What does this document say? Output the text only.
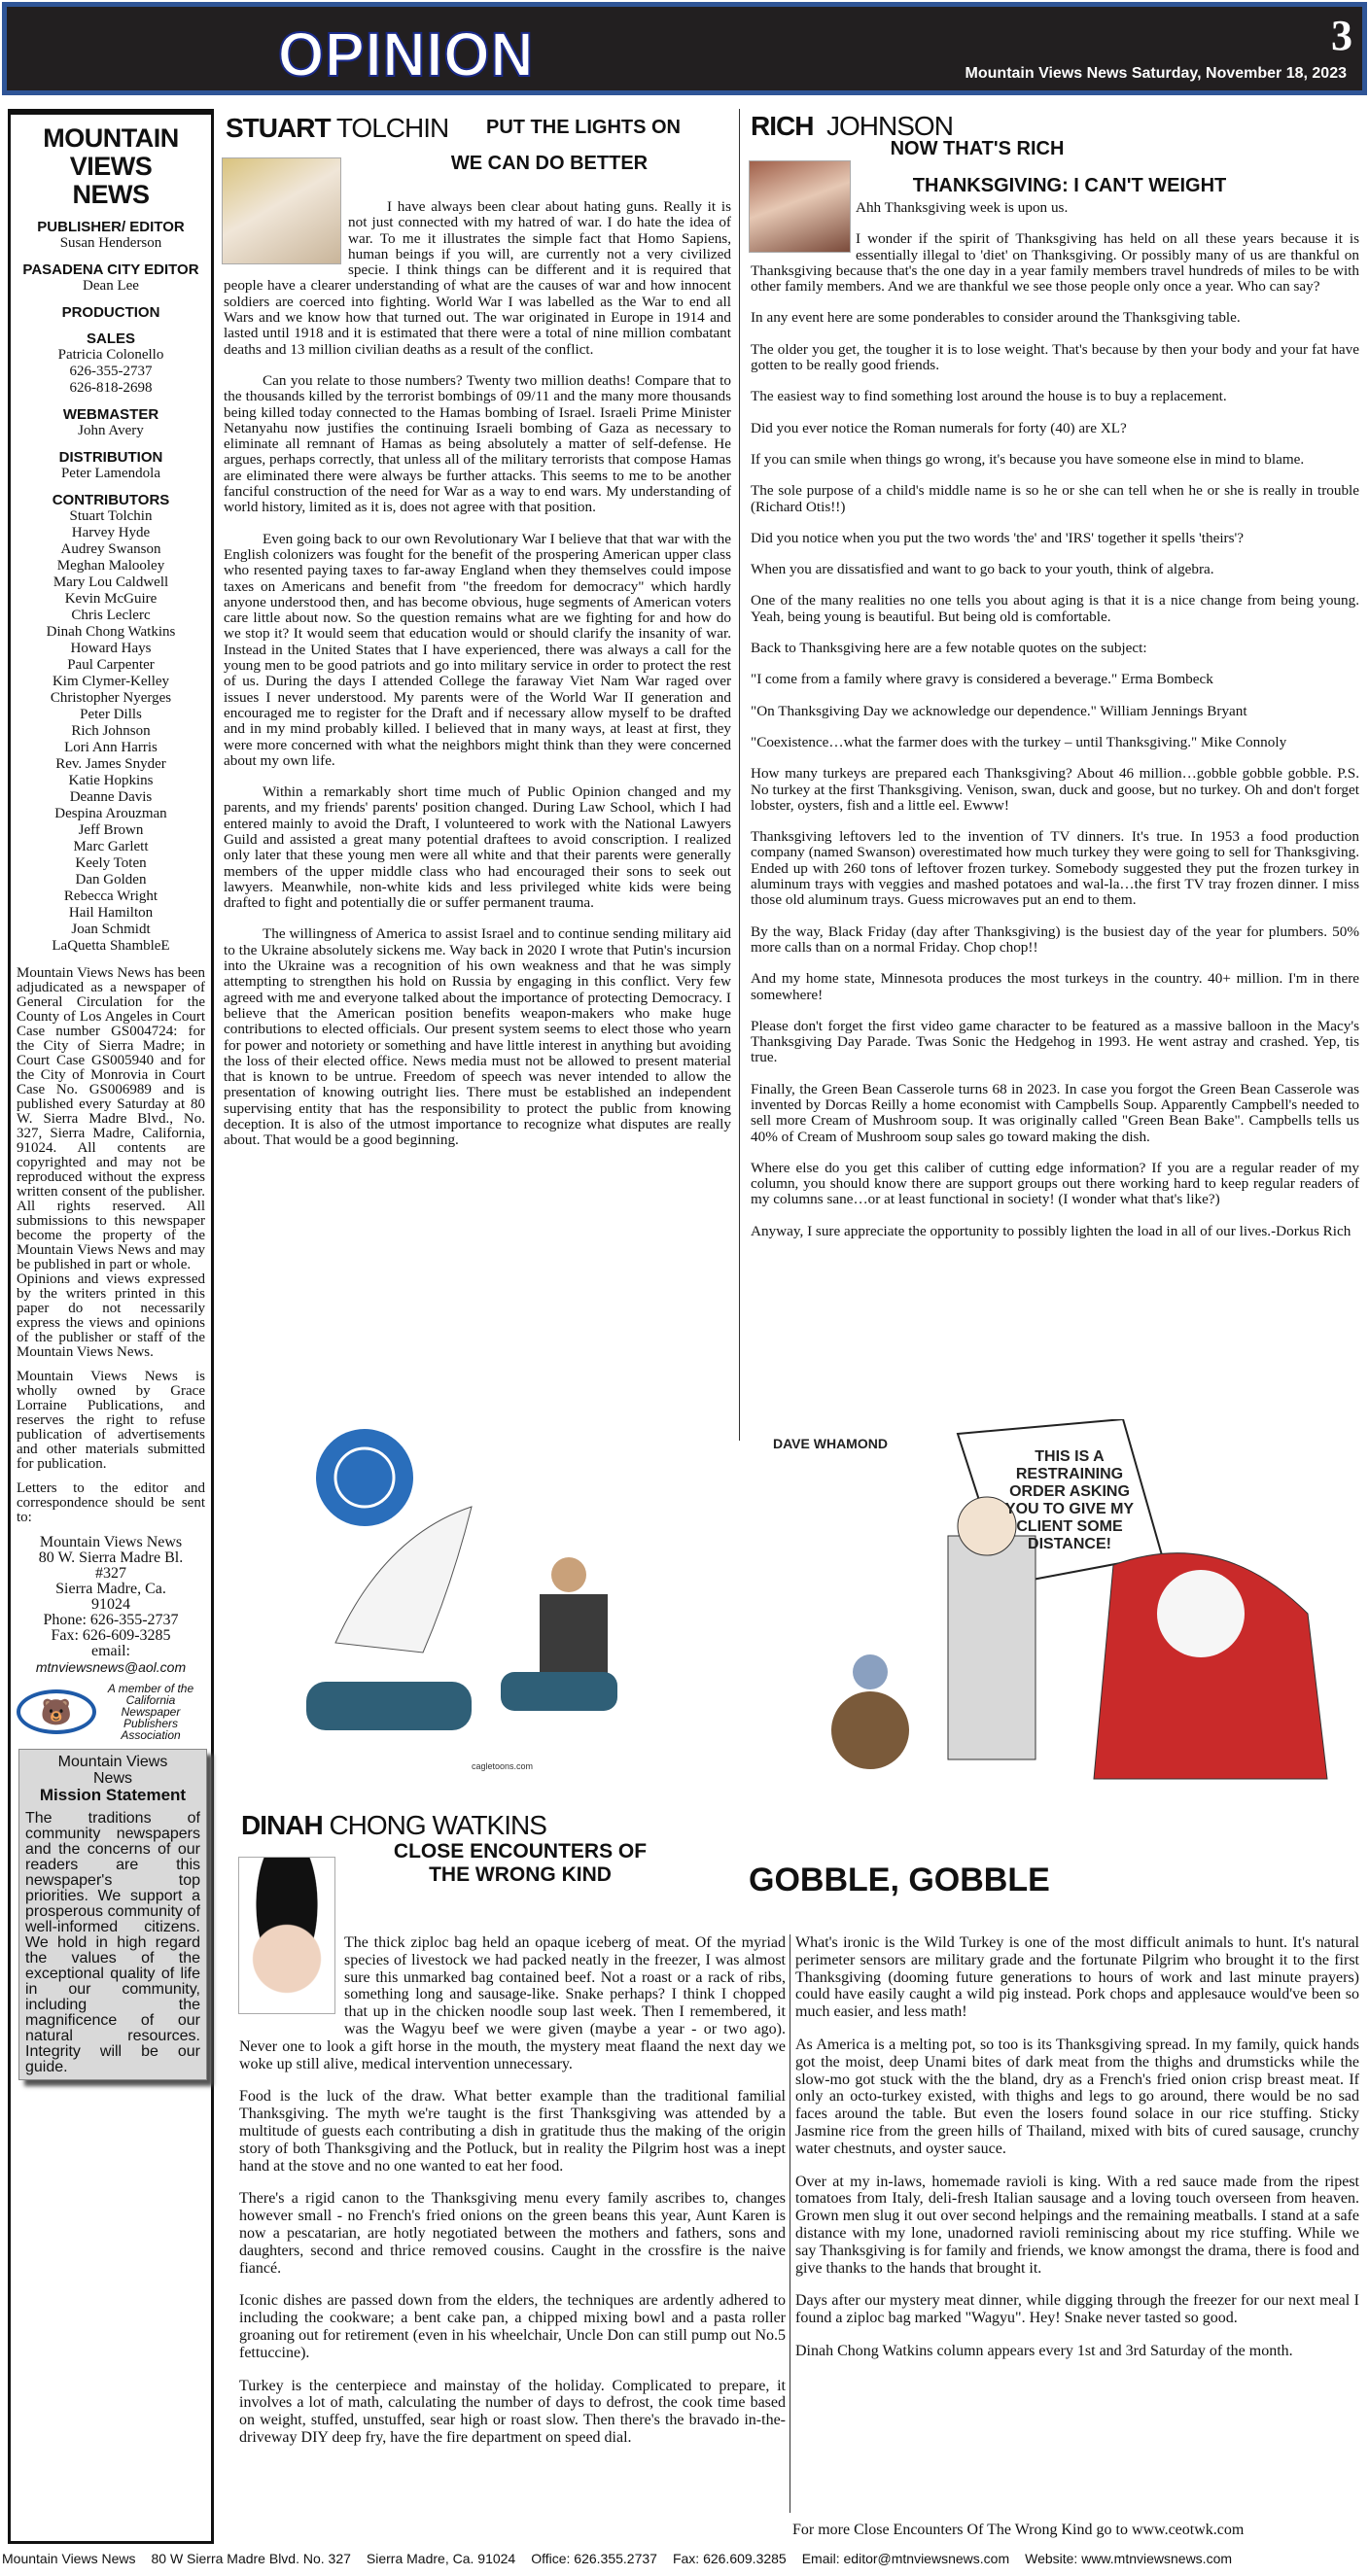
OPINION	3
Mountain Views News Saturday, November 18, 2023
MOUNTAIN
VIEWS
NEWS
PUBLISHER/ EDITOR
Susan Henderson
PASADENA CITY EDITOR
Dean Lee
PRODUCTION
SALES
Patricia Colonello
626-355-2737
626-818-2698
WEBMASTER
John Avery
DISTRIBUTION
Peter Lamendola
CONTRIBUTORS
Stuart Tolchin
Harvey Hyde
Audrey Swanson
Meghan Malooley
Mary Lou Caldwell
Kevin McGuire
Chris Leclerc
Dinah Chong Watkins
Howard Hays
Paul Carpenter
Kim Clymer-Kelley
Christopher Nyerges
Peter Dills
Rich Johnson
Lori Ann Harris
Rev. James Snyder
Katie Hopkins
Deanne Davis
Despina Arouzman
Jeff Brown
Marc Garlett
Keely Toten
Dan Golden
Rebecca Wright
Hail Hamilton
Joan Schmidt
LaQuetta ShamblеE

Mountain Views News has been adjudicated as a newspaper of General Circulation for the County of Los Angeles in Court Case number GS004724: for the City of Sierra Madre; in Court Case GS005940 and for the City of Monrovia in Court Case No. GS006989 and is published every Saturday at 80 W. Sierra Madre Blvd., No. 327, Sierra Madre, California, 91024. All contents are copyrighted and may not be reproduced without the express written consent of the publisher. All rights reserved. All submissions to this newspaper become the property of the Mountain Views News and may be published in part or whole.

Opinions and views expressed by the writers printed in this paper do not necessarily express the views and opinions of the publisher or staff of the Mountain Views News.

Mountain Views News is wholly owned by Grace Lorraine Publications, and reserves the right to refuse publication of advertisements and other materials submitted for publication.

Letters to the editor and correspondence should be sent to:

Mountain Views News
80 W. Sierra Madre Bl.
#327
Sierra Madre, Ca.
91024
Phone: 626-355-2737
Fax: 626-609-3285
email:
mtnviewsnews@aol.com
🐻
A member of the California Newspaper Publishers Association
Mountain Views News
Mission Statement
The traditions of community newspapers and the concerns of our readers are this newspaper's top priorities. We support a prosperous community of well-informed citizens. We hold in high regard the values of the exceptional quality of life in our community, including the magnificence of our natural resources. Integrity will be our guide.
STUART TOLCHIN	PUT THE LIGHTS ON
WE CAN DO BETTER

I have always been clear about hating guns. Really it is not just connected with my hatred of war. I do hate the idea of war. To me it illustrates the simple fact that Homo Sapiens, human beings if you will, are currently not a very civilized specie. I think things can be different and it is required that people have a clearer understanding of what are the causes of war and how innocent soldiers are coerced into fighting. World War I was labelled as the War to end all Wars and we know how that turned out. The war originated in Europe in 1914 and lasted until 1918 and it is estimated that there were a total of nine million combatant deaths and 13 million civilian deaths as a result of the conflict.

Can you relate to those numbers? Twenty two million deaths! Compare that to the thousands killed by the terrorist bombings of 09/11 and the many more thousands being killed today connected to the Hamas bombing of Israel. Israeli Prime Minister Netanyahu now justifies the continuing Israeli bombing of Gaza as necessary to eliminate all remnant of Hamas as being absolutely a matter of self-defense. He argues, perhaps correctly, that unless all of the military terrorists that compose Hamas are eliminated there were always be further attacks. This seems to me to be another fanciful construction of the need for War as a way to end wars. My understanding of world history, limited as it is, does not agree with that position.

Even going back to our own Revolutionary War I believe that that war with the English colonizers was fought for the benefit of the prospering American upper class who resented paying taxes to far-away England when they themselves could impose taxes on Americans and benefit from "the freedom for democracy" which hardly anyone understood then, and has become obvious, huge segments of American voters care little about now. So the question remains what are we fighting for and how do we stop it? It would seem that education would or should clarify the insanity of war. Instead in the United States that I have experienced, there was always a call for the young men to be good patriots and go into military service in order to protect the rest of us. During the days I attended College the faraway Viet Nam War raged over issues I never understood. My parents were of the World War II generation and encouraged me to register for the Draft and if necessary allow myself to be drafted and in my mind probably killed. I believed that in many ways, at least at first, they were more concerned with what the neighbors might think than they were concerned about my own life.

Within a remarkably short time much of Public Opinion changed and my parents, and my friends' parents' position changed. During Law School, which I had entered mainly to avoid the Draft, I volunteered to work with the National Lawyers Guild and assisted a great many potential draftees to avoid conscription. I realized only later that these young men were all white and that their parents were generally members of the upper middle class who had encouraged their sons to seek out lawyers. Meanwhile, non-white kids and less privileged white kids were being drafted to fight and potentially die or suffer permanent trauma.

The willingness of America to assist Israel and to continue sending military aid to the Ukraine absolutely sickens me. Way back in 2020 I wrote that Putin's incursion into the Ukraine was a recognition of his own weakness and that he was simply attempting to strengthen his hold on Russia by engaging in this conflict. Very few agreed with me and everyone talked about the importance of protecting Democracy. I believe that the American position benefits weapon-makers who make huge contributions to elected officials. Our present system seems to elect those who yearn for power and notoriety or something and have little interest in anything but avoiding the loss of their elected office. News media must not be allowed to present material that is known to be untrue. Freedom of speech was never intended to allow the presentation of knowing outright lies. There must be established an independent supervising entity that has the responsibility to protect the public from knowing deception. It is also of the utmost importance to recognize what disputes are really about. That would be a good beginning.

RICH JOHNSON
NOW THAT'S RICH
THANKSGIVING: I CAN'T WEIGHT

Ahh Thanksgiving week is upon us.

I wonder if the spirit of Thanksgiving has held on all these years because it is essentially illegal to 'diet' on Thanksgiving. Or possibly many of us are thankful on Thanksgiving because that's the one day in a year family members travel hundreds of miles to be with other family members. And we are thankful we see those people only once a year. Who can say?

In any event here are some ponderables to consider around the Thanksgiving table.

The older you get, the tougher it is to lose weight. That's because by then your body and your fat have gotten to be really good friends.

The easiest way to find something lost around the house is to buy a replacement.

Did you ever notice the Roman numerals for forty (40) are XL?

If you can smile when things go wrong, it's because you have someone else in mind to blame.

The sole purpose of a child's middle name is so he or she can tell when he or she is really in trouble (Richard Otis!!)

Did you notice when you put the two words 'the' and 'IRS' together it spells 'theirs'?

When you are dissatisfied and want to go back to your youth, think of algebra.

One of the many realities no one tells you about aging is that it is a nice change from being young. Yeah, being young is beautiful. But being old is comfortable.

Back to Thanksgiving here are a few notable quotes on the subject:

"I come from a family where gravy is considered a beverage." Erma Bombeck

"On Thanksgiving Day we acknowledge our dependence." William Jennings Bryant

"Coexistence…what the farmer does with the turkey – until Thanksgiving." Mike Connoly

How many turkeys are prepared each Thanksgiving? About 46 million…gobble gobble gobble. P.S. No turkey at the first Thanksgiving. Venison, swan, duck and goose, but no turkey. Oh and don't forget lobster, oysters, fish and a little eel. Ewww!

Thanksgiving leftovers led to the invention of TV dinners. It's true. In 1953 a food production company (named Swanson) overestimated how much turkey they were going to sell for Thanksgiving. Ended up with 260 tons of leftover frozen turkey. Somebody suggested they put the frozen turkey in aluminum trays with veggies and mashed potatoes and wal-la…the first TV tray frozen dinner. I miss those old aluminum trays. Guess microwaves put an end to them.

By the way, Black Friday (day after Thanksgiving) is the busiest day of the year for plumbers. 50% more calls than on a normal Friday. Chop chop!!

And my home state, Minnesota produces the most turkeys in the country. 40+ million. I'm in there somewhere!

Please don't forget the first video game character to be featured as a massive balloon in the Macy's Thanksgiving Day Parade. Twas Sonic the Hedgehog in 1993. He went astray and crashed. Yep, tis true.

Finally, the Green Bean Casserole turns 68 in 2023. In case you forgot the Green Bean Casserole was invented by Dorcas Reilly a home economist with Campbells Soup. Apparently Campbell's needed to sell more Cream of Mushroom soup. It was originally called "Green Bean Bake". Campbells tells us 40% of Cream of Mushroom soup sales go toward making the dish.

Where else do you get this caliber of cutting edge information? If you are a regular reader of my column, you should know there are support groups out there working hard to keep regular readers of my columns sane…or at least functional in society! (I wonder what that's like?)

Anyway, I sure appreciate the opportunity to possibly lighten the load in all of our lives.-Dorkus Rich

cagletoons.com
DAVE WHAMOND
THIS IS A RESTRAINING ORDER ASKING YOU TO GIVE MY CLIENT SOME DISTANCE!
DINAH CHONG WATKINS
CLOSE ENCOUNTERS OF THE WRONG KIND	GOBBLE, GOBBLE

The thick ziploc bag held an opaque iceberg of meat. Of the myriad species of livestock we had packed neatly in the freezer, I was almost sure this unmarked bag contained beef. Not a roast or a rack of ribs, something long and sausage-like. Snake perhaps? I think I chopped that up in the chicken noodle soup last week. Then I remembered, it was the Wagyu beef we were given (maybe a year - or two ago). Never one to look a gift horse in the mouth, the mystery meat flaand the next day we woke up still alive, medical intervention unnecessary.

Food is the luck of the draw. What better example than the traditional familial Thanksgiving. The myth we're taught is the first Thanksgiving was attended by a multitude of guests each contributing a dish in gratitude thus the making of the origin story of both Thanksgiving and the Potluck, but in reality the Pilgrim host was a inept hand at the stove and no one wanted to eat her food.

There's a rigid canon to the Thanksgiving menu every family ascribes to, changes however small - no French's fried onions on the green beans this year, Aunt Karen is now a pescatarian, are hotly negotiated between the mothers and fathers, sons and daughters, second and thrice removed cousins. Caught in the crossfire is the naive fiancé.

Iconic dishes are passed down from the elders, the techniques are ardently adhered to including the cookware; a bent cake pan, a chipped mixing bowl and a pasta roller groaning out for retirement (even in his wheelchair, Uncle Don can still pump out No.5 fettuccine).

Turkey is the centerpiece and mainstay of the holiday. Complicated to prepare, it involves a lot of math, calculating the number of days to defrost, the cook time based on weight, stuffed, unstuffed, sear high or roast slow. Then there's the bravado in-the-driveway DIY deep fry, have the fire department on speed dial.

What's ironic is the Wild Turkey is one of the most difficult animals to hunt. It's natural perimeter sensors are military grade and the fortunate Pilgrim who brought it to the first Thanksgiving (dooming future generations to hours of work and last minute prayers) could have easily caught a wild pig instead. Pork chops and applesauce would've been so much easier, and less math!

As America is a melting pot, so too is its Thanksgiving spread. In my family, quick hands got the moist, deep Unami bites of dark meat from the thighs and drumsticks while the slow-mo got stuck with the the bland, dry as a French's fried onion crisp breast meat. If only an octo-turkey existed, with thighs and legs to go around, there would be no sad faces around the table. But even the losers found solace in our rice stuffing. Sticky Jasmine rice from the green hills of Thailand, mixed with bits of cured sausage, crunchy water chestnuts, and oyster sauce.

Over at my in-laws, homemade ravioli is king. With a red sauce made from the ripest tomatoes from Italy, deli-fresh Italian sausage and a loving touch overseen from heaven. Grown men slug it out over second helpings and the remaining meatballs. I stand at a safe distance with my lone, unadorned ravioli reminiscing about my rice stuffing. While we say Thanksgiving is for family and friends, we know amongst the drama, there is food and give thanks to the hands that brought it.

Days after our mystery meat dinner, while digging through the freezer for our next meal I found a ziploc bag marked "Wagyu". Hey! Snake never tasted so good.

Dinah Chong Watkins column appears every 1st and 3rd Saturday of the month.

For more Close Encounters Of The Wrong Kind go to www.ceotwk.com
Mountain Views News 80 W Sierra Madre Blvd. No. 327 Sierra Madre, Ca. 91024 Office: 626.355.2737 Fax: 626.609.3285 Email: editor@mtnviewsnews.com Website: www.mtnviewsnews.com
